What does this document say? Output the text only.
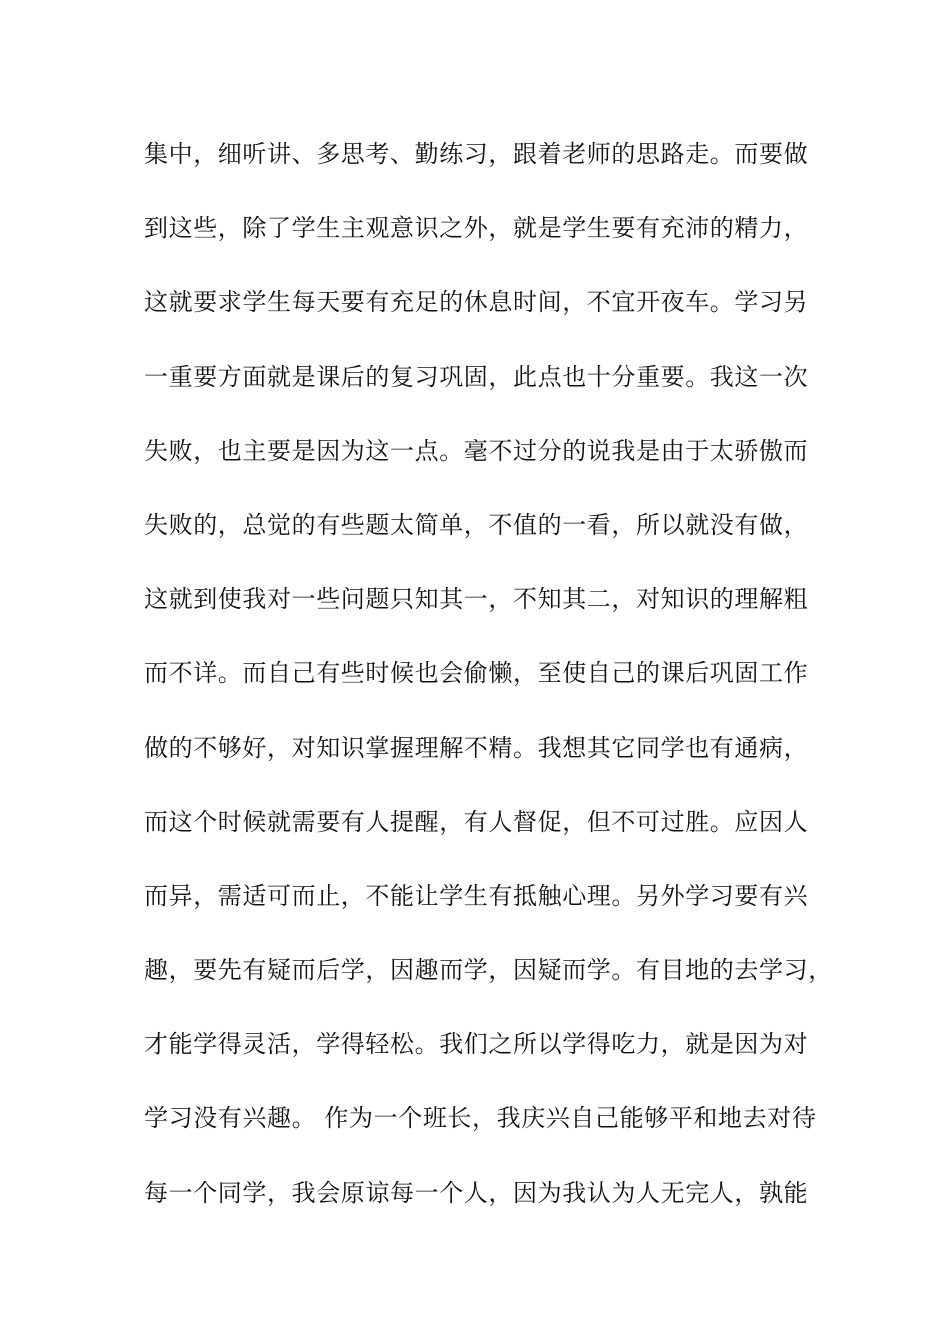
集中，细听讲、多思考、勤练习，跟着老师的思路走。而要做
到这些，除了学生主观意识之外，就是学生要有充沛的精力，
这就要求学生每天要有充足的休息时间，不宜开夜车。学习另
一重要方面就是课后的复习巩固，此点也十分重要。我这一次
失败，也主要是因为这一点。毫不过分的说我是由于太骄傲而
失败的，总觉的有些题太简单，不值的一看，所以就没有做，
这就到使我对一些问题只知其一，不知其二，对知识的理解粗
而不详。而自己有些时候也会偷懒，至使自己的课后巩固工作
做的不够好，对知识掌握理解不精。我想其它同学也有通病，
而这个时候就需要有人提醒，有人督促，但不可过胜。应因人
而异，需适可而止，不能让学生有抵触心理。另外学习要有兴
趣，要先有疑而后学，因趣而学，因疑而学。有目地的去学习，
才能学得灵活，学得轻松。我们之所以学得吃力，就是因为对
学习没有兴趣。 作为一个班长，我庆兴自己能够平和地去对待
每一个同学，我会原谅每一个人，因为我认为人无完人，孰能
